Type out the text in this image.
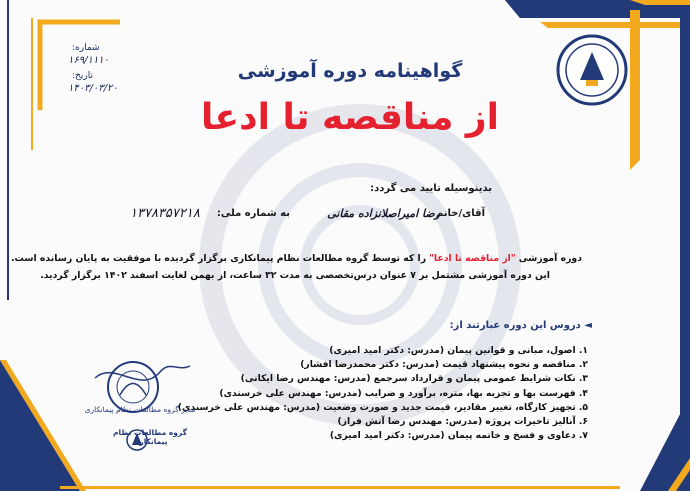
گواهینامه دوره آموزشی
از مناقصه تا ادعا
شماره:
۱۶۹/۱۱۱۰
تاریخ:
۱۴۰۳/۰۳/۲۰
بدینوسیله تایید می گردد:
آقای/خانم
رضا امیراصلانزاده مقانی
به شماره ملی:
۱۳۷۸۳۵۷۲۱۸
دوره آموزشی "از مناقصه تا ادعا" را که توسط گروه مطالعات نظام پیمانکاری برگزار گردیده با موفقیت به پایان رسانده است.
این دوره آموزشی مشتمل بر ۷ عنوان درس‌تخصصی به مدت ۳۲ ساعت، از بهمن لغایت اسفند ۱۴۰۲ برگزار گردید.
◄ دروس این دوره عبارتند از:
۱. اصول، مبانی و قوانین پیمان (مدرس: دکتر امید امیری)
۲. مناقصه و نحوه پیشنهاد قیمت (مدرس: دکتر محمدرضا افشار)
۳. نکات شرایط عمومی پیمان و قرارداد سرجمع (مدرس: مهندس رضا ایکانی)
۴. فهرست بها و تجزیه بها، متره، برآورد و ضرایب (مدرس: مهندس علی خرسندی)
۵. تجهیز کارگاه، تغییر مقادیر، قیمت جدید و صورت وضعیت (مدرس: مهندس علی خرسندی)
۶. آنالیز تاخیرات پروژه (مدرس: مهندس رضا آتش فراز)
۷. دعاوی و فسخ و خاتمه پیمان (مدرس: دکتر امید امیری)
مدیر گروه مطالعات نظام پیمانکاری
گروه مطالعات نظام پیمانکاری
